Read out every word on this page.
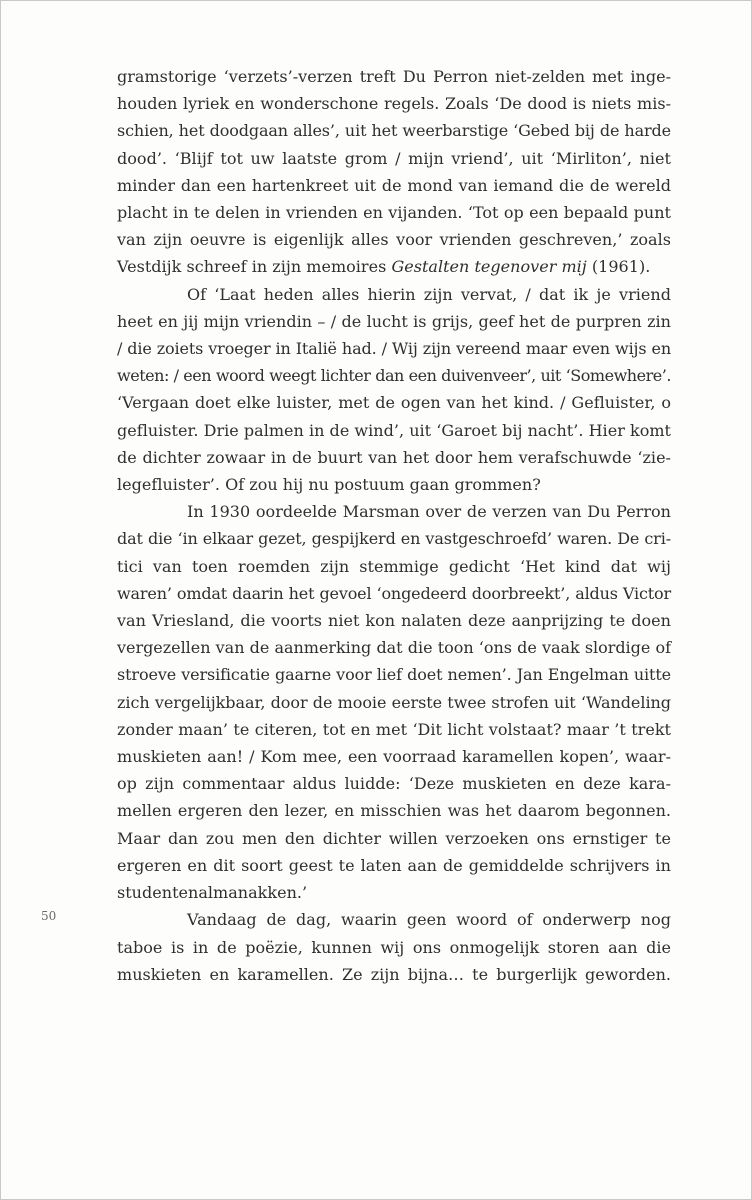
50
gramstorige ‘verzets’-verzen treft Du Perron niet-zelden met inge-
houden lyriek en wonderschone regels. Zoals ‘De dood is niets mis-
schien, het doodgaan alles’, uit het weerbarstige ‘Gebed bij de harde
dood’. ‘Blijf tot uw laatste grom / mijn vriend’, uit ‘Mirliton’, niet
minder dan een hartenkreet uit de mond van iemand die de wereld
placht in te delen in vrienden en vijanden. ‘Tot op een bepaald punt
van zijn oeuvre is eigenlijk alles voor vrienden geschreven,’ zoals
Vestdijk schreef in zijn memoires Gestalten tegenover mij (1961).
Of ‘Laat heden alles hierin zijn vervat, / dat ik je vriend
heet en jij mijn vriendin – / de lucht is grijs, geef het de purpren zin
/ die zoiets vroeger in Italië had. / Wij zijn vereend maar even wijs en
weten: / een woord weegt lichter dan een duivenveer’, uit ‘Somewhere’.
‘Vergaan doet elke luister, met de ogen van het kind. / Gefluister, o
gefluister. Drie palmen in de wind’, uit ‘Garoet bij nacht’. Hier komt
de dichter zowaar in de buurt van het door hem verafschuwde ‘zie-
legefluister’. Of zou hij nu postuum gaan grommen?
In 1930 oordeelde Marsman over de verzen van Du Perron
dat die ‘in elkaar gezet, gespijkerd en vastgeschroefd’ waren. De cri-
tici van toen roemden zijn stemmige gedicht ‘Het kind dat wij
waren’ omdat daarin het gevoel ‘ongedeerd doorbreekt’, aldus Victor
van Vriesland, die voorts niet kon nalaten deze aanprijzing te doen
vergezellen van de aanmerking dat die toon ‘ons de vaak slordige of
stroeve versificatie gaarne voor lief doet nemen’. Jan Engelman uitte
zich vergelijkbaar, door de mooie eerste twee strofen uit ‘Wandeling
zonder maan’ te citeren, tot en met ‘Dit licht volstaat? maar ’t trekt
muskieten aan! / Kom mee, een voorraad karamellen kopen’, waar-
op zijn commentaar aldus luidde: ‘Deze muskieten en deze kara-
mellen ergeren den lezer, en misschien was het daarom begonnen.
Maar dan zou men den dichter willen verzoeken ons ernstiger te
ergeren en dit soort geest te laten aan de gemiddelde schrijvers in
studentenalmanakken.’
Vandaag de dag, waarin geen woord of onderwerp nog
taboe is in de poëzie, kunnen wij ons onmogelijk storen aan die
muskieten en karamellen. Ze zijn bijna… te burgerlijk geworden.
